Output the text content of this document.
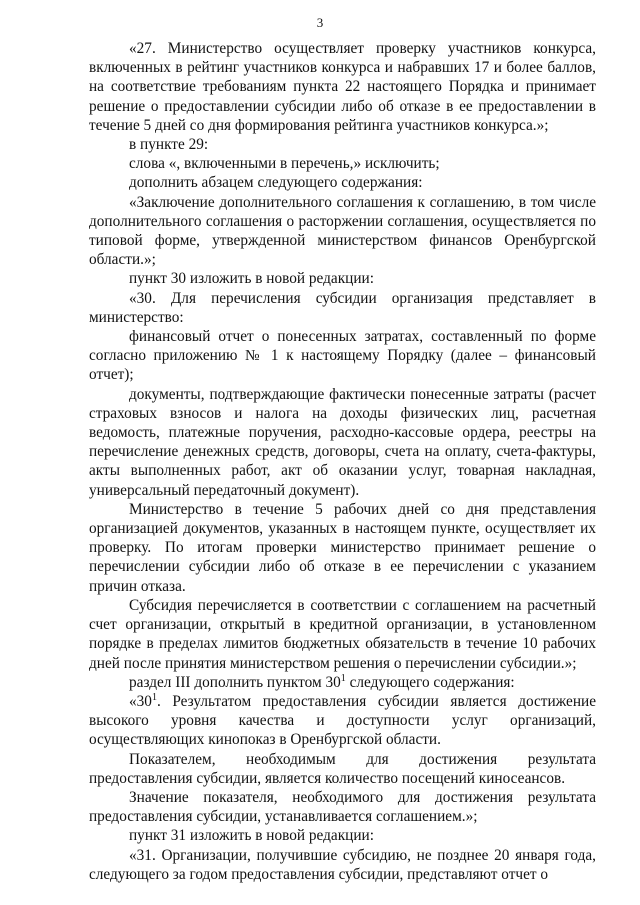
3

«27. Министерство осуществляет проверку участников конкурса, включенных в рейтинг участников конкурса и набравших 17 и более баллов, на соответствие требованиям пункта 22 настоящего Порядка и принимает решение о предоставлении субсидии либо об отказе в ее предоставлении в течение 5 дней со дня формирования рейтинга участников конкурса.»;

в пункте 29:

слова «, включенными в перечень,» исключить;

дополнить абзацем следующего содержания:

«Заключение дополнительного соглашения к соглашению, в том числе дополнительного соглашения о расторжении соглашения, осуществляется по типовой форме, утвержденной министерством финансов Оренбургской области.»;

пункт 30 изложить в новой редакции:

«30. Для перечисления субсидии организация представляет в министерство:

финансовый отчет о понесенных затратах, составленный по форме согласно приложению № 1 к настоящему Порядку (далее – финансовый отчет);

документы, подтверждающие фактически понесенные затраты (расчет страховых взносов и налога на доходы физических лиц, расчетная ведомость, платежные поручения, расходно-кассовые ордера, реестры на перечисление денежных средств, договоры, счета на оплату, счета-фактуры, акты выполненных работ, акт об оказании услуг, товарная накладная, универсальный передаточный документ).

Министерство в течение 5 рабочих дней со дня представления организацией документов, указанных в настоящем пункте, осуществляет их проверку. По итогам проверки министерство принимает решение о перечислении субсидии либо об отказе в ее перечислении с указанием причин отказа.

Субсидия перечисляется в соответствии с соглашением на расчетный счет организации, открытый в кредитной организации, в установленном порядке в пределах лимитов бюджетных обязательств в течение 10 рабочих дней после принятия министерством решения о перечислении субсидии.»;

раздел III дополнить пунктом $30^1$ следующего содержания:

«$30^1$. Результатом предоставления субсидии является достижение высокого уровня качества и доступности услуг организаций, осуществляющих кинопоказ в Оренбургской области.

Показателем, необходимым для достижения результата предоставления субсидии, является количество посещений киносеансов.

Значение показателя, необходимого для достижения результата предоставления субсидии, устанавливается соглашением.»;

пункт 31 изложить в новой редакции:

«31. Организации, получившие субсидию, не позднее 20 января года, следующего за годом предоставления субсидии, представляют отчет о
